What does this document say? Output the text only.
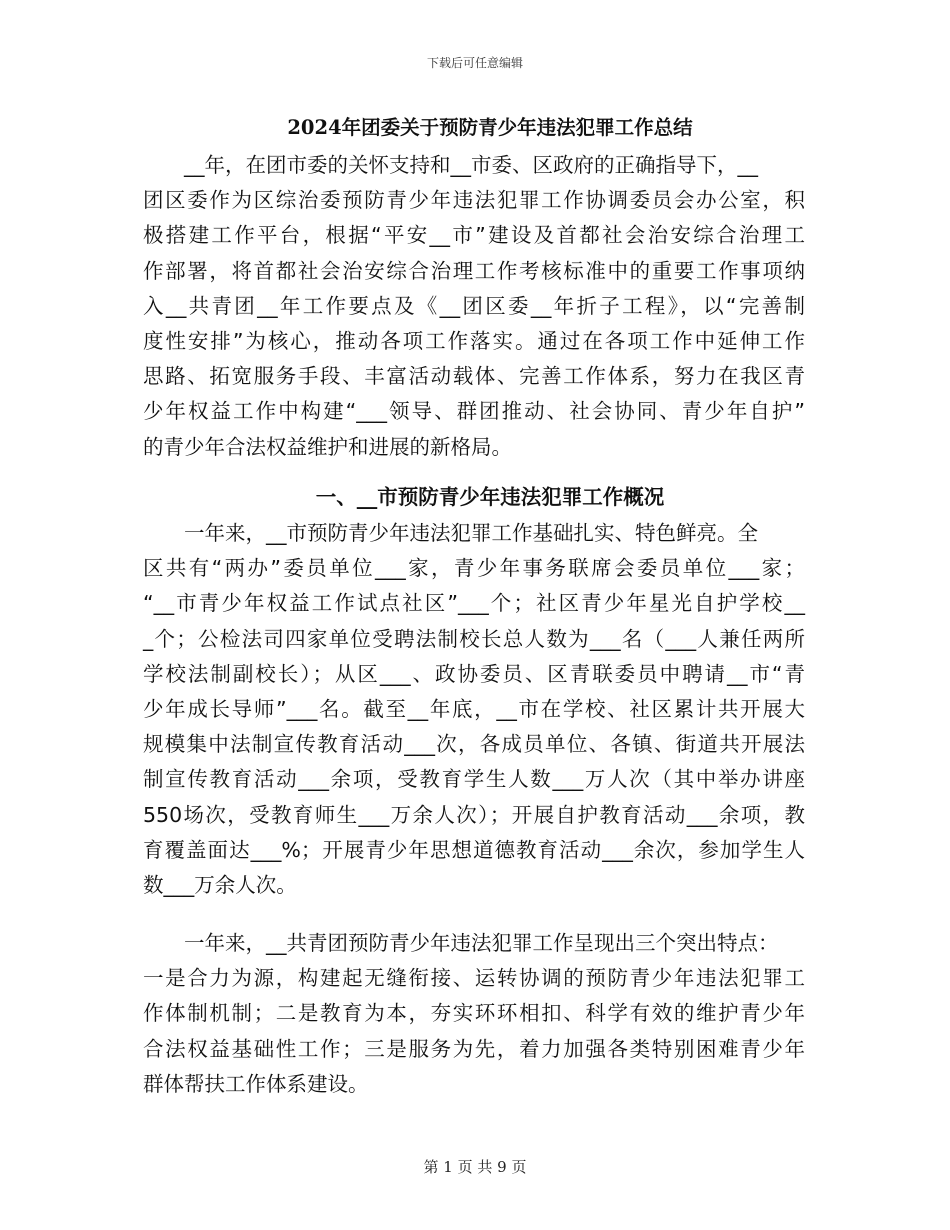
下载后可任意编辑
2024年团委关于预防青少年违法犯罪工作总结
__年，在团市委的关怀支持和__市委、区政府的正确指导下，__
团区委作为区综治委预防青少年违法犯罪工作协调委员会办公室，积
极搭建工作平台，根据“平安__市”建设及首都社会治安综合治理工
作部署，将首都社会治安综合治理工作考核标准中的重要工作事项纳
入__共青团__年工作要点及《__团区委__年折子工程》，以“完善制
度性安排”为核心，推动各项工作落实。通过在各项工作中延伸工作
思路、拓宽服务手段、丰富活动载体、完善工作体系，努力在我区青
少年权益工作中构建“___领导、群团推动、社会协同、青少年自护”
的青少年合法权益维护和进展的新格局。
一、__市预防青少年违法犯罪工作概况
一年来，__市预防青少年违法犯罪工作基础扎实、特色鲜亮。全
区共有“两办”委员单位___家，青少年事务联席会委员单位___家；
“__市青少年权益工作试点社区”___个；社区青少年星光自护学校__
_个；公检法司四家单位受聘法制校长总人数为___名（___人兼任两所
学校法制副校长）；从区___、政协委员、区青联委员中聘请__市“青
少年成长导师”___名。截至__年底，__市在学校、社区累计共开展大
规模集中法制宣传教育活动___次，各成员单位、各镇、街道共开展法
制宣传教育活动___余项，受教育学生人数___万人次（其中举办讲座
550场次，受教育师生___万余人次）；开展自护教育活动___余项，教
育覆盖面达___%；开展青少年思想道德教育活动___余次，参加学生人
数___万余人次。
一年来，__共青团预防青少年违法犯罪工作呈现出三个突出特点：
一是合力为源，构建起无缝衔接、运转协调的预防青少年违法犯罪工
作体制机制；二是教育为本，夯实环环相扣、科学有效的维护青少年
合法权益基础性工作；三是服务为先，着力加强各类特别困难青少年
群体帮扶工作体系建设。
第 1 页 共 9 页
